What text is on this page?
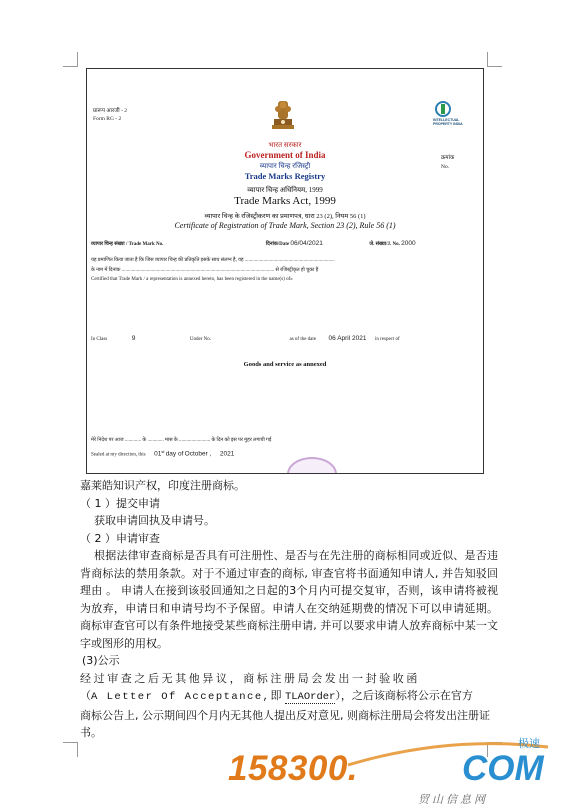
प्रारूप आरजी - 2
Form RG - 2	INTELLECTUAL PROPERTY INDIA
क्रमांक
No.
भारत सरकार
Government of India
व्यापार चिन्ह रजिस्ट्री
Trade Marks Registry
व्यापार चिन्ह अधिनियम, 1999
Trade Marks Act, 1999
व्यापार चिन्ह के रजिस्ट्रीकरण का प्रमाणपत्र, धारा 23 (2), नियम 56 (1)
Certificate of Registration of Trade Mark, Section 23 (2), Rule 56 (1)
व्यापार चिन्ह संख्या / Trade Mark No.	दिनांक/Date 06/04/2021	जे. संख्या/J. No. 2000
यह प्रमाणित किया जाता है कि जिस व्यापार चिन्ह की प्रतिकृति इसके साथ संलग्न है, वह ........................................................................
के नाम में दिनांक .......................................................................................................................... से रजिस्ट्रीकृत हो चुका है
Certified that Trade Mark / a representation is annexed hereto, has been registered in the name(s) of»
In Class	9	Under No.	as of the date 06 April 2021 in respect of
Goods and service as annexed
मेरे निदेश पर आज ............. के ............. मास के ......................... के दिन को इस पर मुहर लगायी गई
Sealed at my direction, this 01st day of October , 2021

嘉莱皓知识产权，印度注册商标。

（ 1 ）提交申请

获取申请回执及申请号。

（ 2 ）申请审查

根据法律审查商标是否具有可注册性、是否与在先注册的商标相同或近似、是否违背商标法的禁用条款。对于不通过审查的商标, 审查官将书面通知申请人, 并告知驳回理由 。 申请人在接到该驳回通知之日起的3个月内可提交复审，否则，该申请将被视为放弃，申请日和申请号均不予保留。申请人在交纳延期费的情况下可以申请延期。 商标审查官可以有条件地接受某些商标注册申请, 并可以要求申请人放弃商标中某一文字或图形的用权。

(3)公示

经过审查之后无其他异议，商标注册局会发出一封验收函

（A Letter Of Acceptance,即 TLAOrder），之后该商标将公示在官方

商标公告上, 公示期间四个月内无其他人提出反对意见, 则商标注册局会将发出注册证书。

极速
158300.	COM
贸山信息网
